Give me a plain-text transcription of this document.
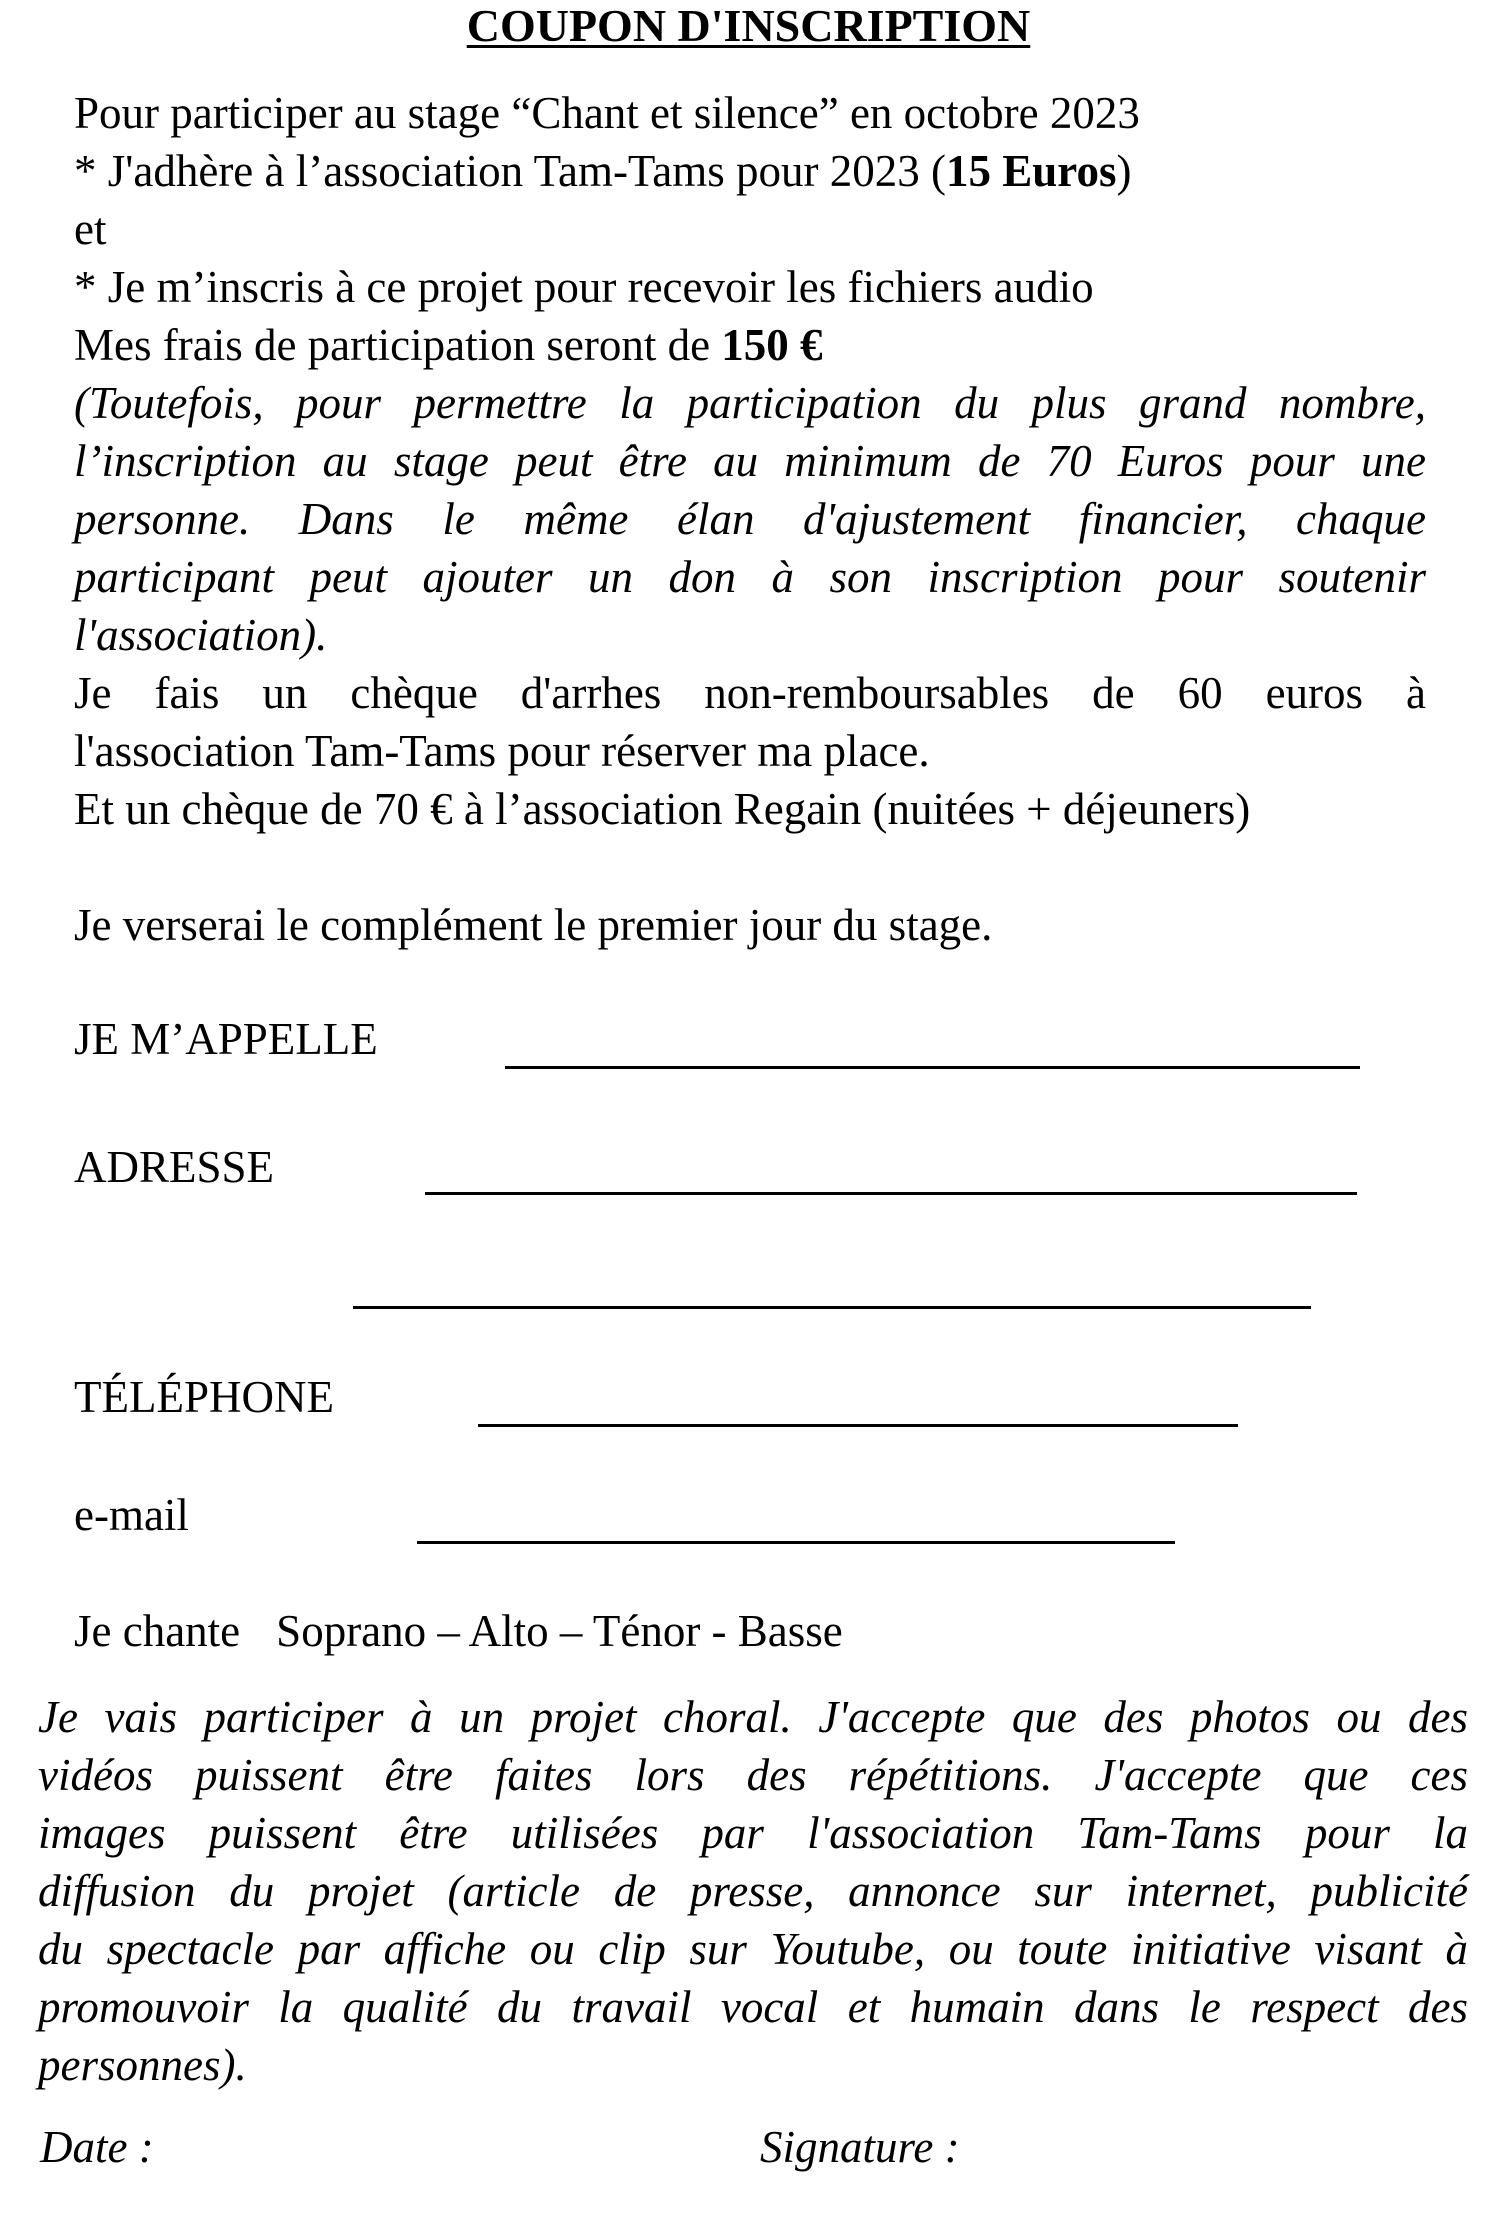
COUPON D'INSCRIPTION
Pour participer au stage “Chant et silence” en octobre 2023
* J'adhère à l’association Tam-Tams pour 2023 (15 Euros)
et
* Je m’inscris à ce projet pour recevoir les fichiers audio
Mes frais de participation seront de 150 €
(Toutefois, pour permettre la participation du plus grand nombre,
l’inscription au stage peut être au minimum de 70 Euros pour une
personne. Dans le même élan d'ajustement financier, chaque
participant peut ajouter un don à son inscription pour soutenir
l'association).
Je fais un chèque d'arrhes non-remboursables de 60 euros à
l'association Tam-Tams pour réserver ma place.
Et un chèque de 70 € à l’association Regain (nuitées + déjeuners)
Je verserai le complément le premier jour du stage.
JE M’APPELLE
ADRESSE
TÉLÉPHONE
e-mail
Je chante Soprano – Alto – Ténor - Basse
Je vais participer à un projet choral. J'accepte que des photos ou des
vidéos puissent être faites lors des répétitions. J'accepte que ces
images puissent être utilisées par l'association Tam-Tams pour la
diffusion du projet (article de presse, annonce sur internet, publicité
du spectacle par affiche ou clip sur Youtube, ou toute initiative visant à
promouvoir la qualité du travail vocal et humain dans le respect des
personnes).
Date :	Signature :
